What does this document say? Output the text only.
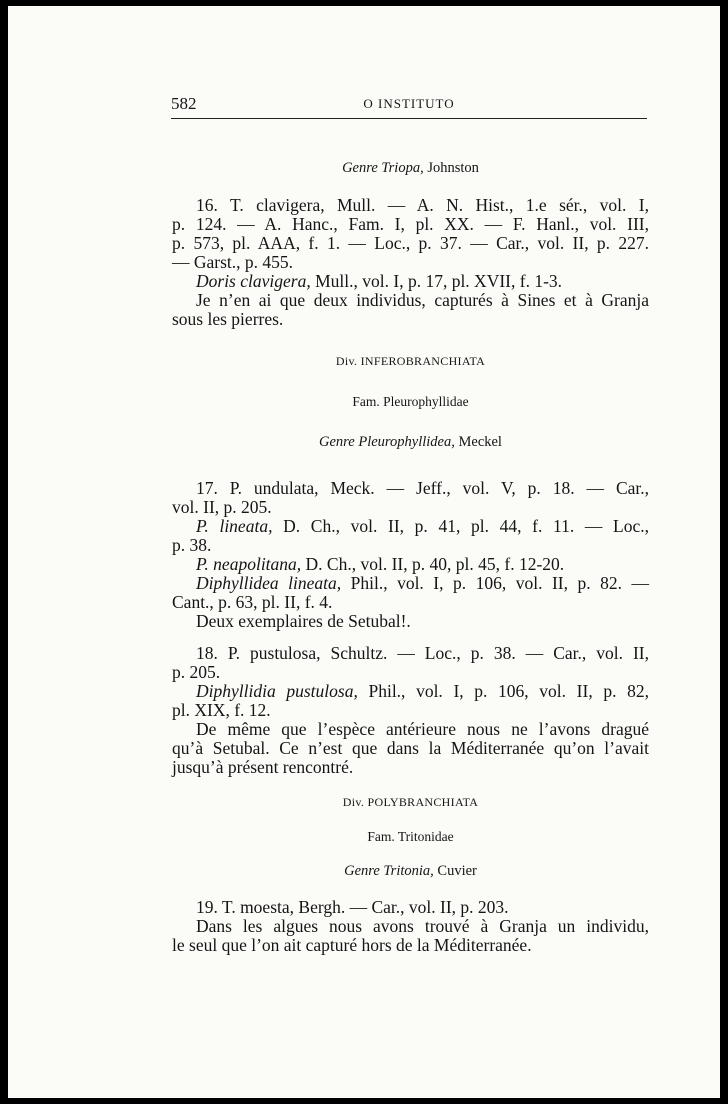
582	O INSTITUTO
Genre Triopa, Johnston
16. T. clavigera, Mull. — A. N. Hist., 1.e sér., vol. I,
p. 124. — A. Hanc., Fam. I, pl. XX. — F. Hanl., vol. III,
p. 573, pl. AAA, f. 1. — Loc., p. 37. — Car., vol. II, p. 227.
— Garst., p. 455.
Doris clavigera, Mull., vol. I, p. 17, pl. XVII, f. 1-3.
Je n’en ai que deux individus, capturés à Sines et à Granja
sous les pierres.
Div. INFEROBRANCHIATA
Fam. Pleurophyllidae
Genre Pleurophyllidea, Meckel
17. P. undulata, Meck. — Jeff., vol. V, p. 18. — Car.,
vol. II, p. 205.
P. lineata, D. Ch., vol. II, p. 41, pl. 44, f. 11. — Loc.,
p. 38.
P. neapolitana, D. Ch., vol. II, p. 40, pl. 45, f. 12-20.
Diphyllidea lineata, Phil., vol. I, p. 106, vol. II, p. 82. —
Cant., p. 63, pl. II, f. 4.
Deux exemplaires de Setubal!.
18. P. pustulosa, Schultz. — Loc., p. 38. — Car., vol. II,
p. 205.
Diphyllidia pustulosa, Phil., vol. I, p. 106, vol. II, p. 82,
pl. XIX, f. 12.
De même que l’espèce antérieure nous ne l’avons dragué
qu’à Setubal. Ce n’est que dans la Méditerranée qu’on l’avait
jusqu’à présent rencontré.
Div. POLYBRANCHIATA
Fam. Tritonidae
Genre Tritonia, Cuvier
19. T. moesta, Bergh. — Car., vol. II, p. 203.
Dans les algues nous avons trouvé à Granja un individu,
le seul que l’on ait capturé hors de la Méditerranée.
